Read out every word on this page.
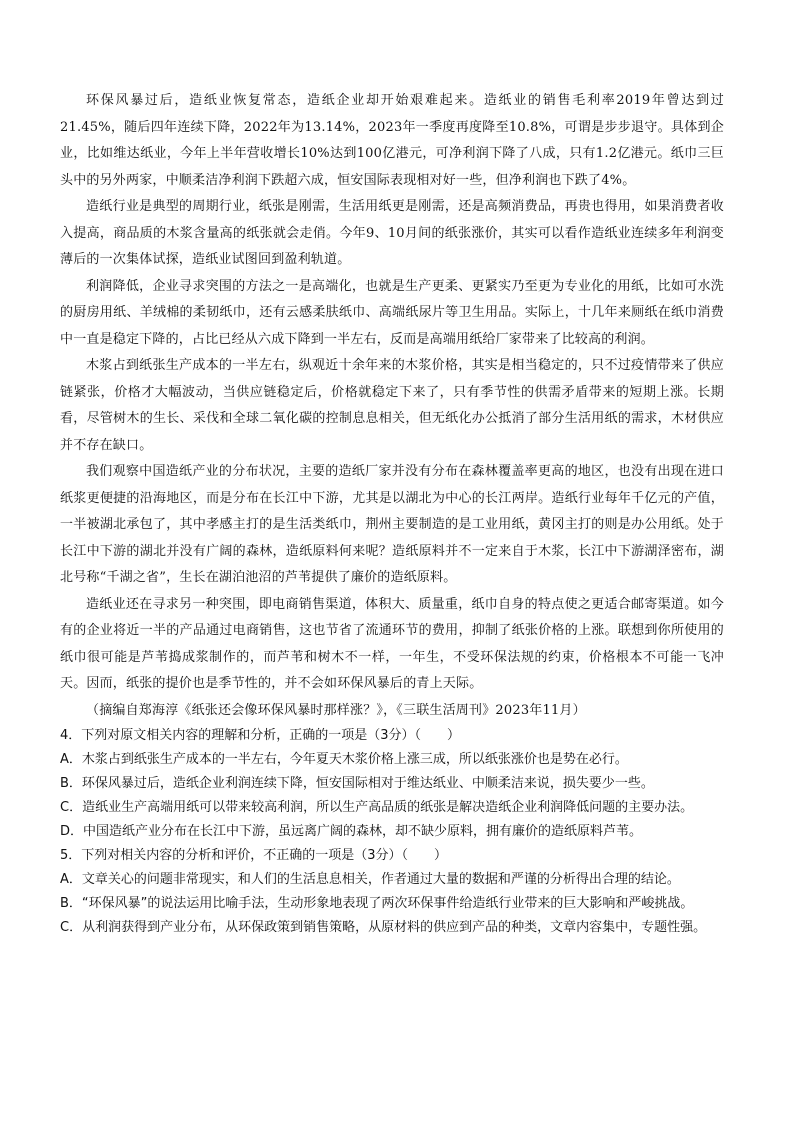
环保风暴过后，造纸业恢复常态，造纸企业却开始艰难起来。造纸业的销售毛利率2019年曾达到过21.45%，随后四年连续下降，2022年为13.14%，2023年一季度再度降至10.8%，可谓是步步退守。具体到企业，比如维达纸业，今年上半年营收增长10%达到100亿港元，可净利润下降了八成，只有1.2亿港元。纸巾三巨头中的另外两家，中顺柔洁净利润下跌超六成，恒安国际表现相对好一些，但净利润也下跌了4%。

造纸行业是典型的周期行业，纸张是刚需，生活用纸更是刚需，还是高频消费品，再贵也得用，如果消费者收入提高，商品质的木浆含量高的纸张就会走俏。今年9、10月间的纸张涨价，其实可以看作造纸业连续多年利润变薄后的一次集体试探，造纸业试图回到盈利轨道。

利润降低，企业寻求突围的方法之一是高端化，也就是生产更柔、更紧实乃至更为专业化的用纸，比如可水洗的厨房用纸、羊绒棉的柔韧纸巾，还有云感柔肤纸巾、高端纸尿片等卫生用品。实际上，十几年来厕纸在纸巾消费中一直是稳定下降的，占比已经从六成下降到一半左右，反而是高端用纸给厂家带来了比较高的利润。

木浆占到纸张生产成本的一半左右，纵观近十余年来的木浆价格，其实是相当稳定的，只不过疫情带来了供应链紧张，价格才大幅波动，当供应链稳定后，价格就稳定下来了，只有季节性的供需矛盾带来的短期上涨。长期看，尽管树木的生长、采伐和全球二氧化碳的控制息息相关，但无纸化办公抵消了部分生活用纸的需求，木材供应并不存在缺口。

我们观察中国造纸产业的分布状况，主要的造纸厂家并没有分布在森林覆盖率更高的地区，也没有出现在进口纸浆更便捷的沿海地区，而是分布在长江中下游，尤其是以湖北为中心的长江两岸。造纸行业每年千亿元的产值，一半被湖北承包了，其中孝感主打的是生活类纸巾，荆州主要制造的是工业用纸，黄冈主打的则是办公用纸。处于长江中下游的湖北并没有广阔的森林，造纸原料何来呢？造纸原料并不一定来自于木浆，长江中下游湖泽密布，湖北号称“千湖之省”，生长在湖泊池沼的芦苇提供了廉价的造纸原料。

造纸业还在寻求另一种突围，即电商销售渠道，体积大、质量重，纸巾自身的特点使之更适合邮寄渠道。如今有的企业将近一半的产品通过电商销售，这也节省了流通环节的费用，抑制了纸张价格的上涨。联想到你所使用的纸巾很可能是芦苇捣成浆制作的，而芦苇和树木不一样，一年生，不受环保法规的约束，价格根本不可能一飞冲天。因而，纸张的提价也是季节性的，并不会如环保风暴后的青上天际。

（摘编自郑海淳《纸张还会像环保风暴时那样涨？》，《三联生活周刊》2023年11月）

4．下列对原文相关内容的理解和分析，正确的一项是（3分）（　　）

A．木浆占到纸张生产成本的一半左右，今年夏天木浆价格上涨三成，所以纸张涨价也是势在必行。

B．环保风暴过后，造纸企业利润连续下降，恒安国际相对于维达纸业、中顺柔洁来说，损失要少一些。

C．造纸业生产高端用纸可以带来较高利润，所以生产高品质的纸张是解决造纸企业利润降低问题的主要办法。

D．中国造纸产业分布在长江中下游，虽远离广阔的森林，却不缺少原料，拥有廉价的造纸原料芦苇。

5．下列对相关内容的分析和评价，不正确的一项是（3分）（　　）

A．文章关心的问题非常现实，和人们的生活息息相关，作者通过大量的数据和严谨的分析得出合理的结论。

B．“环保风暴”的说法运用比喻手法，生动形象地表现了两次环保事件给造纸行业带来的巨大影响和严峻挑战。

C．从利润获得到产业分布，从环保政策到销售策略，从原材料的供应到产品的种类，文章内容集中，专题性强。
